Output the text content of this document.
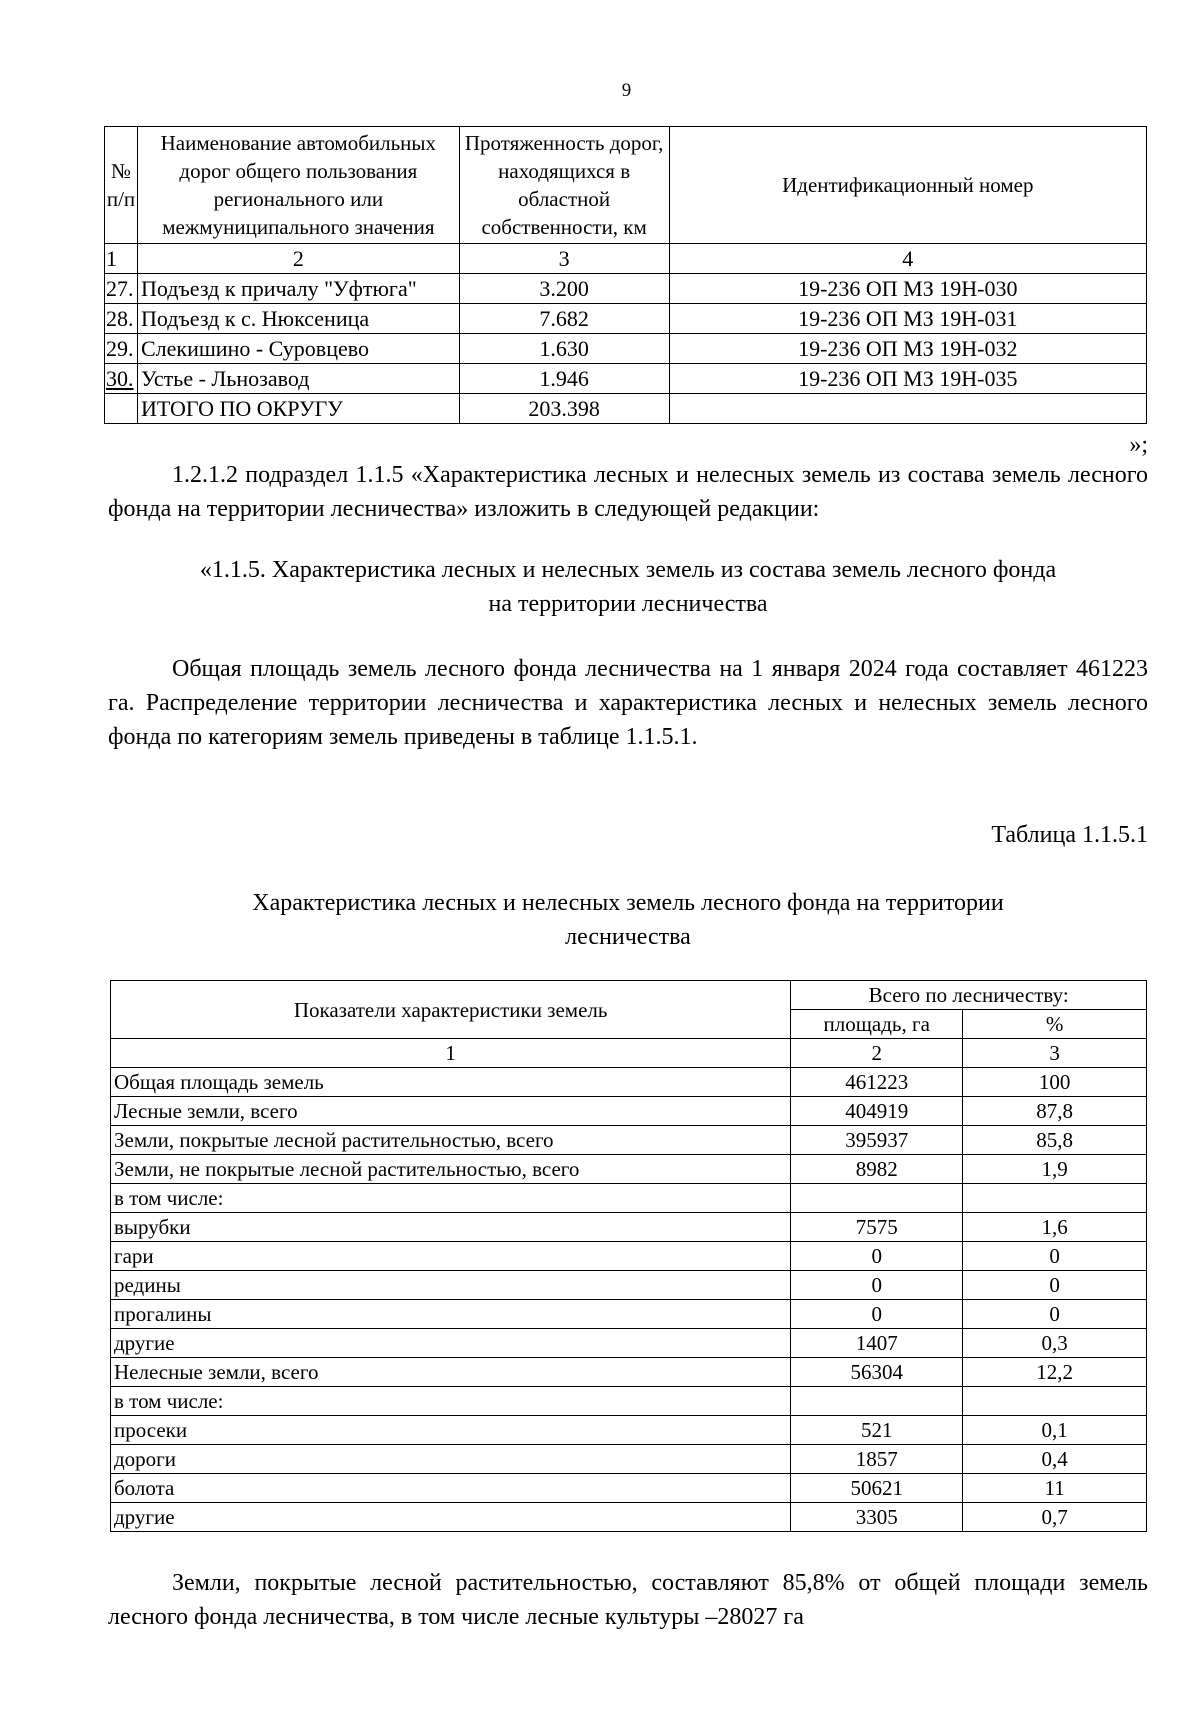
9
№ п/п	Наименование автомобильных дорог общего пользования регионального или межмуниципального значения	Протяженность дорог, находящихся в областной собственности, км	Идентификационный номер
1	2	3	4
27.	Подъезд к причалу "Уфтюга"	3.200	19-236 ОП МЗ 19Н-030
28.	Подъезд к с. Нюксеница	7.682	19-236 ОП МЗ 19Н-031
29.	Слекишино - Суровцево	1.630	19-236 ОП МЗ 19Н-032
30.	Устье - Льнозавод	1.946	19-236 ОП МЗ 19Н-035
	ИТОГО ПО ОКРУГУ	203.398	
»;
1.2.1.2 подраздел 1.1.5 «Характеристика лесных и нелесных земель из состава земель лесного фонда на территории лесничества» изложить в следующей редакции:
«1.1.5. Характеристика лесных и нелесных земель из состава земель лесного фонда
на территории лесничества
Общая площадь земель лесного фонда лесничества на 1 января 2024 года составляет 461223 га. Распределение территории лесничества и характеристика лесных и нелесных земель лесного фонда по категориям земель приведены в таблице 1.1.5.1.
Таблица 1.1.5.1
Характеристика лесных и нелесных земель лесного фонда на территории
лесничества
Показатели характеристики земель	Всего по лесничеству:	
	площадь, га	%
1	2	3
Общая площадь земель	461223	100
Лесные земли, всего	404919	87,8
Земли, покрытые лесной растительностью, всего	395937	85,8
Земли, не покрытые лесной растительностью, всего	8982	1,9
в том числе:		
вырубки	7575	1,6
гари	0	0
редины	0	0
прогалины	0	0
другие	1407	0,3
Нелесные земли, всего	56304	12,2
в том числе:		
просеки	521	0,1
дороги	1857	0,4
болота	50621	11
другие	3305	0,7
Земли, покрытые лесной растительностью, составляют 85,8% от общей площади земель лесного фонда лесничества, в том числе лесные культуры –28027 га
